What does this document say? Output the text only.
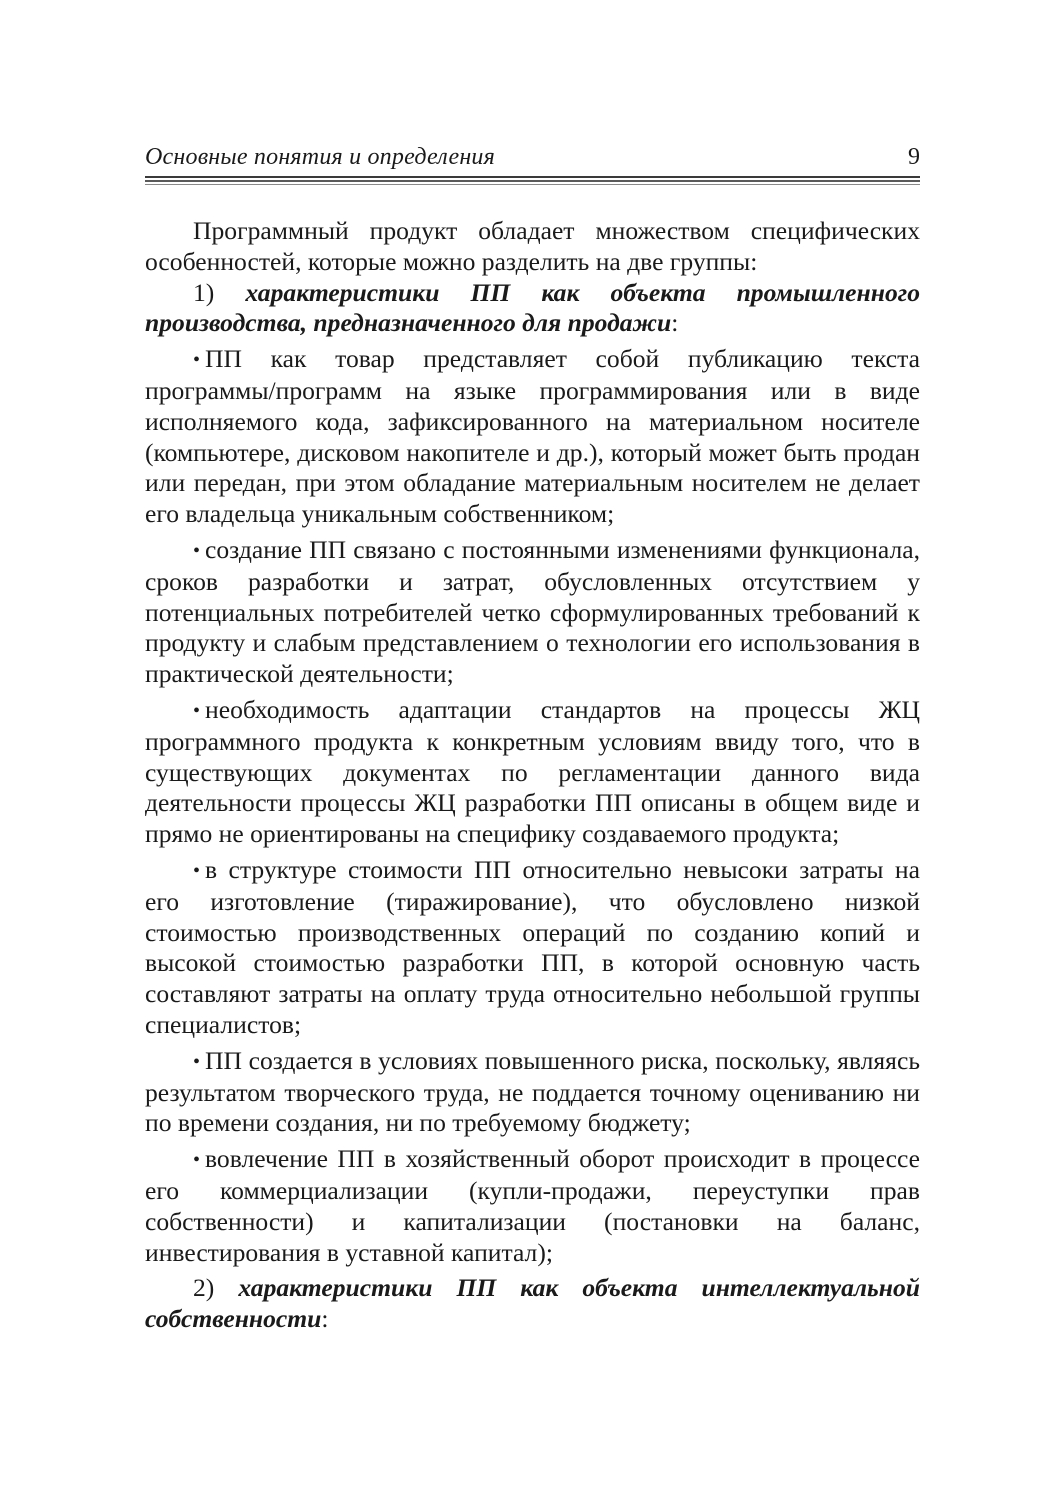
Основные понятия и определения	9

Программный продукт обладает множеством специфических особенностей, которые можно разделить на две группы:

1) характеристики ПП как объекта промышленного производства, предназначенного для продажи:

• ПП как товар представляет собой публикацию текста программы/программ на языке программирования или в виде исполняемого кода, зафиксированного на материальном носителе (компьютере, дисковом накопителе и др.), который может быть продан или передан, при этом обладание материальным носителем не делает его владельца уникальным собственником;

• создание ПП связано с постоянными изменениями функционала, сроков разработки и затрат, обусловленных отсутствием у потенциальных потребителей четко сформулированных требований к продукту и слабым представлением о технологии его использования в практической деятельности;

• необходимость адаптации стандартов на процессы ЖЦ программного продукта к конкретным условиям ввиду того, что в существующих документах по регламентации данного вида деятельности процессы ЖЦ разработки ПП описаны в общем виде и прямо не ориентированы на специфику создаваемого продукта;

• в структуре стоимости ПП относительно невысоки затраты на его изготовление (тиражирование), что обусловлено низкой стоимостью производственных операций по созданию копий и высокой стоимостью разработки ПП, в которой основную часть составляют затраты на оплату труда относительно небольшой группы специалистов;

• ПП создается в условиях повышенного риска, поскольку, являясь результатом творческого труда, не поддается точному оцениванию ни по времени создания, ни по требуемому бюджету;

• вовлечение ПП в хозяйственный оборот происходит в процессе его коммерциализации (купли-продажи, переуступки прав собственности) и капитализации (постановки на баланс, инвестирования в уставной капитал);

2) характеристики ПП как объекта интеллектуальной собственности:
